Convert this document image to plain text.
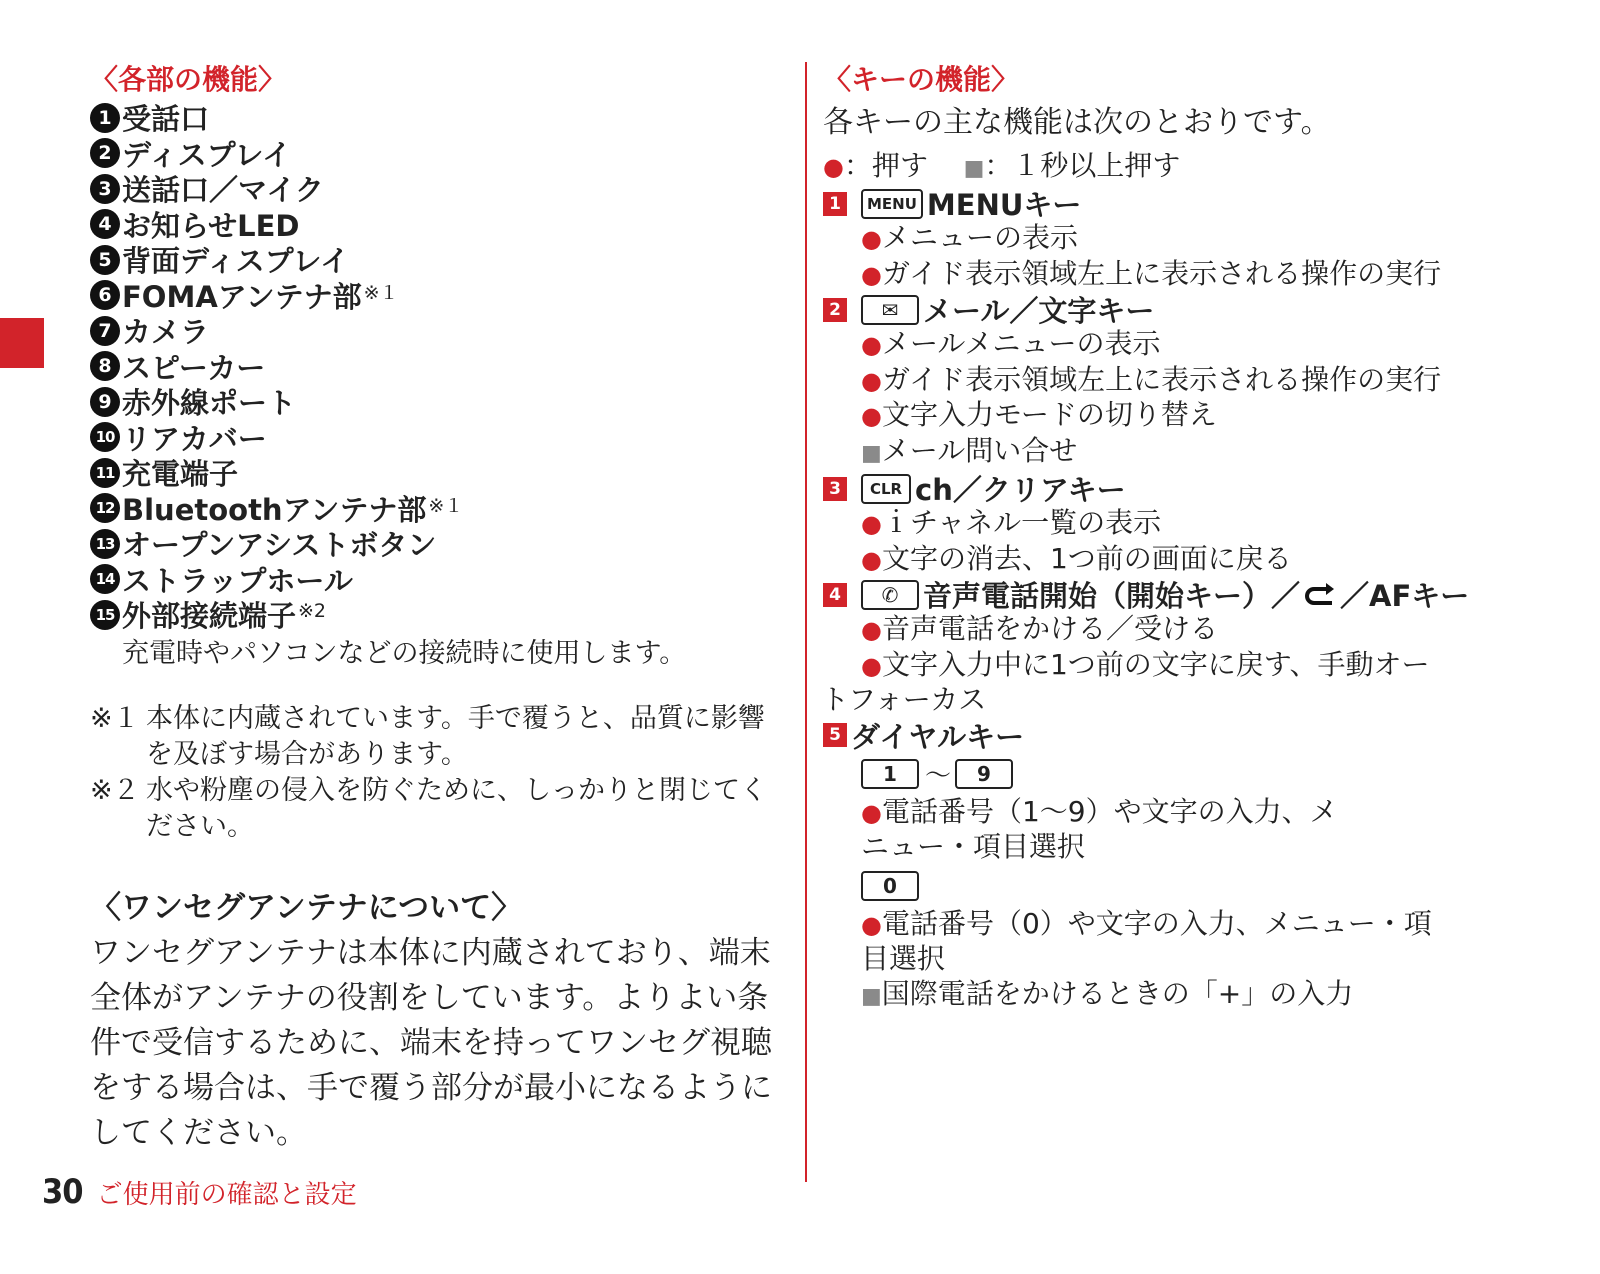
〈各部の機能〉
1 受話口
2 ディスプレイ
3 送話口／マイク
4 お知らせLED
5 背面ディスプレイ
6 FOMAアンテナ部$^{※1}$
7 カメラ
8 スピーカー
9 赤外線ポート
10 リアカバー
11 充電端子
12 Bluetoothアンテナ部$^{※1}$
13 オープンアシストボタン
14 ストラップホール
15 外部接続端子$^{※2}$
充電時やパソコンなどの接続時に使用します。
※１ 本体に内蔵されています。手で覆うと、品質に影響を及ぼす場合があります。
※２ 水や粉塵の侵入を防ぐために、しっかりと閉じてください。
〈ワンセグアンテナについて〉
ワンセグアンテナは本体に内蔵されており、端末全体がアンテナの役割をしています。よりよい条件で受信するために、端末を持ってワンセグ視聴をする場合は、手で覆う部分が最小になるようにしてください。
〈キーの機能〉
各キーの主な機能は次のとおりです。
●：押す ■：１秒以上押す
1	MENU MENUキー
●メニューの表示
●ガイド表示領域左上に表示される操作の実行
2	✉ メール／文字キー
●メールメニューの表示
●ガイド表示領域左上に表示される操作の実行
●文字入力モードの切り替え
■メール問い合せ
3	CLR ch／クリアキー
●ｉチャネル一覧の表示
●文字の消去、1つ前の画面に戻る
4	✆ 音声電話開始（開始キー）／ ／AFキー
●音声電話をかける／受ける
●文字入力中に1つ前の文字に戻す、手動オー
トフォーカス
5 ダイヤルキー
1	～	9
●電話番号（1～9）や文字の入力、メ
ニュー・項目選択
0
●電話番号（0）や文字の入力、メニュー・項
目選択
■国際電話をかけるときの「+」の入力
30 ご使用前の確認と設定
